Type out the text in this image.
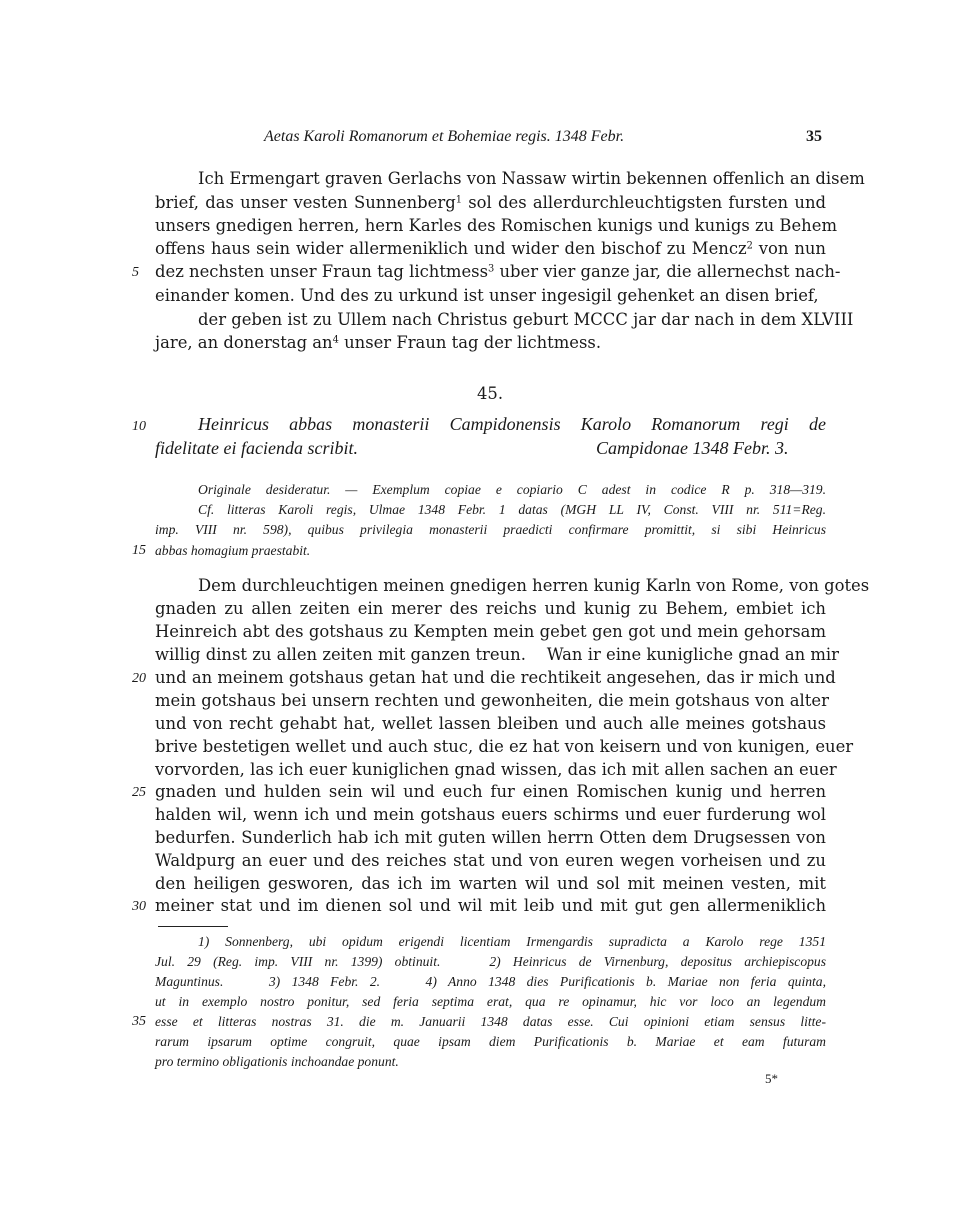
Aetas Karoli Romanorum et Bohemiae regis. 1348 Febr.	35
Ich Ermengart graven Gerlachs von Nassaw wirtin bekennen offenlich an disem
brief, das unser vesten Sunnenberg$^1$ sol des allerdurchleuchtigsten fursten und
unsers gnedigen herren, hern Karles des Romischen kunigs und kunigs zu Behem
offens haus sein wider allermeniklich und wider den bischof zu Mencz$^2$ von nun
5 dez nechsten unser Fraun tag lichtmess$^3$ uber vier ganze jar, die allernechst nach-
einander komen. Und des zu urkund ist unser ingesigil gehenket an disen brief,
der geben ist zu Ullem nach Christus geburt MCCC jar dar nach in dem XLVIII
jare, an donerstag $an^4$ unser Fraun tag der lichtmess.
45.
10	Heinricus abbas monasterii Campidonensis Karolo Romanorum regi de
fidelitate ei facienda scribit.	Campidonae 1348 Febr. 3.
Originale desideratur. — Exemplum copiae e copiario C adest in codice R p. 318—319.
Cf. litteras Karoli regis, Ulmae 1348 Febr. 1 datas (MGH LL IV, Const. VIII nr. 511=Reg.
imp. VIII nr. 598), quibus privilegia monasterii praedicti confirmare promittit, si sibi Heinricus
15 abbas homagium praestabit.
Dem durchleuchtigen meinen gnedigen herren kunig Karln von Rome, von gotes
gnaden zu allen zeiten ein merer des reichs und kunig zu Behem, embiet ich
Heinreich abt des gotshaus zu Kempten mein gebet gen got und mein gehorsam
willig dinst zu allen zeiten mit ganzen treun.    Wan ir eine kunigliche gnad an mir
20 und an meinem gotshaus getan hat und die rechtikeit angesehen, das ir mich und
mein gotshaus bei unsern rechten und gewonheiten, die mein gotshaus von alter
und von recht gehabt hat, wellet lassen bleiben und auch alle meines gotshaus
brive bestetigen wellet und auch stuc, die ez hat von keisern und von kunigen, euer
vorvorden, las ich euer kuniglichen gnad wissen, das ich mit allen sachen an euer
25 gnaden und hulden sein wil und euch fur einen Romischen kunig und herren
halden wil, wenn ich und mein gotshaus euers schirms und euer furderung wol
bedurfen. Sunderlich hab ich mit guten willen herrn Otten dem Drugsessen von
Waldpurg an euer und des reiches stat und von euren wegen vorheisen und zu
den heiligen gesworen, das ich im warten wil und sol mit meinen vesten, mit
30 meiner stat und im dienen sol und wil mit leib und mit gut gen allermeniklich
1) Sonnenberg, ubi opidum erigendi licentiam Irmengardis supradicta a Karolo rege 1351
Jul. 29 (Reg. imp. VIII nr. 1399) obtinuit.    2) Heinricus de Virnenburg, depositus archiepiscopus
Maguntinus.    3) 1348 Febr. 2.    4) Anno 1348 dies Purificationis b. Mariae non feria quinta,
ut in exemplo nostro ponitur, sed feria septima erat, qua re opinamur, hic vor loco an legendum
35 esse et litteras nostras 31. die m. Januarii 1348 datas esse. Cui opinioni etiam sensus litte-
rarum ipsarum optime congruit, quae ipsam diem Purificationis b. Mariae et eam futuram
pro termino obligationis inchoandae ponunt.
5*
